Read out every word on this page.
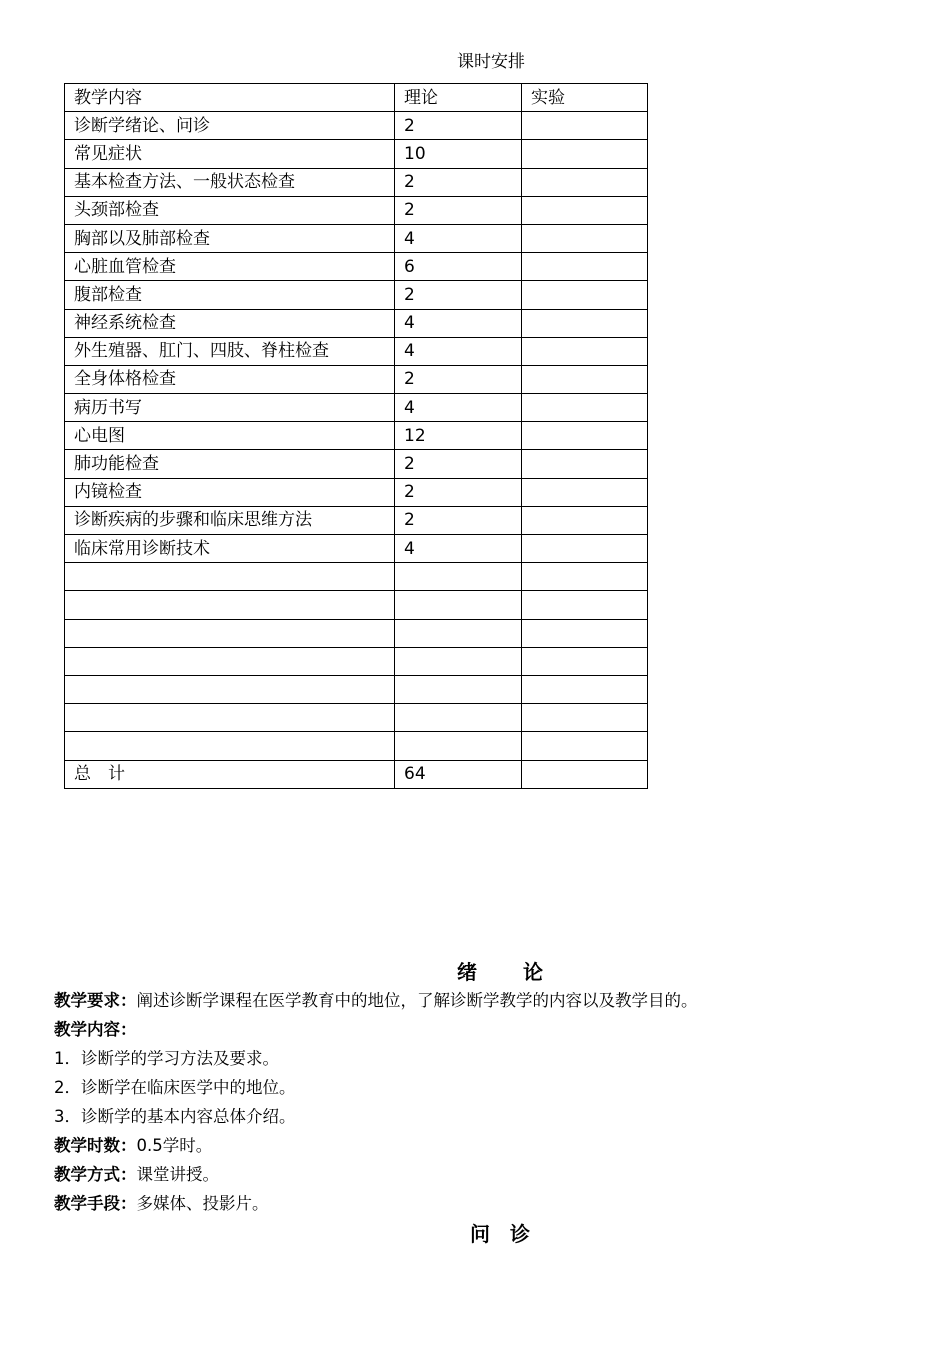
课时安排
教学内容	理论	实验
诊断学绪论、问诊	2	
常见症状	10	
基本检查方法、一般状态检查	2	
头颈部检查	2	
胸部以及肺部检查	4	
心脏血管检查	6	
腹部检查	2	
神经系统检查	4	
外生殖器、肛门、四肢、脊柱检查	4	
全身体格检查	2	
病历书写	4	
心电图	12	
肺功能检查	2	
内镜检查	2	
诊断疾病的步骤和临床思维方法	2	
临床常用诊断技术	4	

总　计	64	
绪 论
教学要求：阐述诊断学课程在医学教育中的地位，了解诊断学教学的内容以及教学目的。
教学内容：
1．诊断学的学习方法及要求。
2．诊断学在临床医学中的地位。
3．诊断学的基本内容总体介绍。
教学时数：0.5学时。
教学方式：课堂讲授。
教学手段：多媒体、投影片。
问 诊
